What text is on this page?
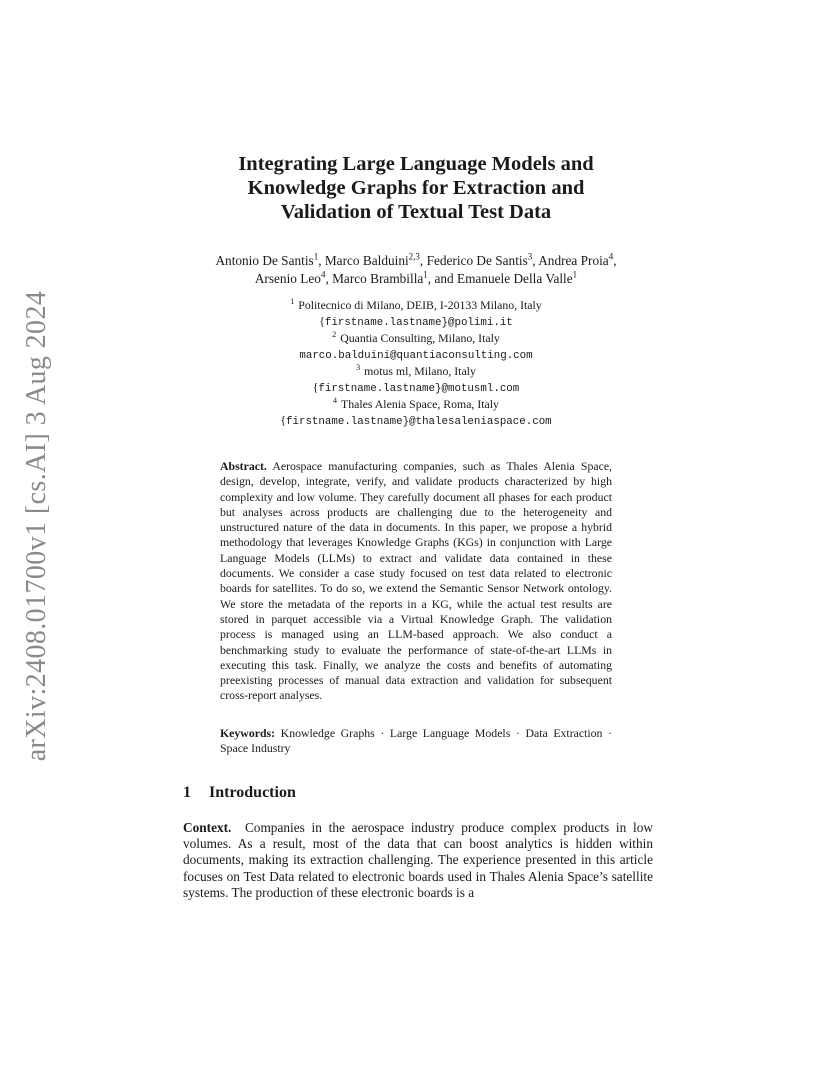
arXiv:2408.01700v1 [cs.AI] 3 Aug 2024
Integrating Large Language Models and
Knowledge Graphs for Extraction and
Validation of Textual Test Data
Antonio De Santis$^1$, Marco Balduini$^{2,3}$, Federico De Santis$^3$, Andrea Proia$^4$,
Arsenio Leo$^4$, Marco Brambilla$^1$, and Emanuele Della Valle$^1$
$^1$ Politecnico di Milano, DEIB, I-20133 Milano, Italy
{firstname.lastname}@polimi.it
$^2$ Quantia Consulting, Milano, Italy
marco.balduini@quantiaconsulting.com
$^3$ motus ml, Milano, Italy
{firstname.lastname}@motusml.com
$^4$ Thales Alenia Space, Roma, Italy
{firstname.lastname}@thalesaleniaspace.com
Abstract. Aerospace manufacturing companies, such as Thales Alenia Space, design, develop, integrate, verify, and validate products characterized by high complexity and low volume. They carefully document all phases for each product but analyses across products are challenging due to the heterogeneity and unstructured nature of the data in documents. In this paper, we propose a hybrid methodology that leverages Knowledge Graphs (KGs) in conjunction with Large Language Models (LLMs) to extract and validate data contained in these documents. We consider a case study focused on test data related to electronic boards for satellites. To do so, we extend the Semantic Sensor Network ontology. We store the metadata of the reports in a KG, while the actual test results are stored in parquet accessible via a Virtual Knowledge Graph. The validation process is managed using an LLM-based approach. We also conduct a benchmarking study to evaluate the performance of state-of-the-art LLMs in executing this task. Finally, we analyze the costs and benefits of automating preexisting processes of manual data extraction and validation for subsequent cross-report analyses.
Keywords: Knowledge Graphs · Large Language Models · Data Extraction · Space Industry
1 Introduction
Context. Companies in the aerospace industry produce complex products in low volumes. As a result, most of the data that can boost analytics is hidden within documents, making its extraction challenging. The experience presented in this article focuses on Test Data related to electronic boards used in Thales Alenia Space’s satellite systems. The production of these electronic boards is a
